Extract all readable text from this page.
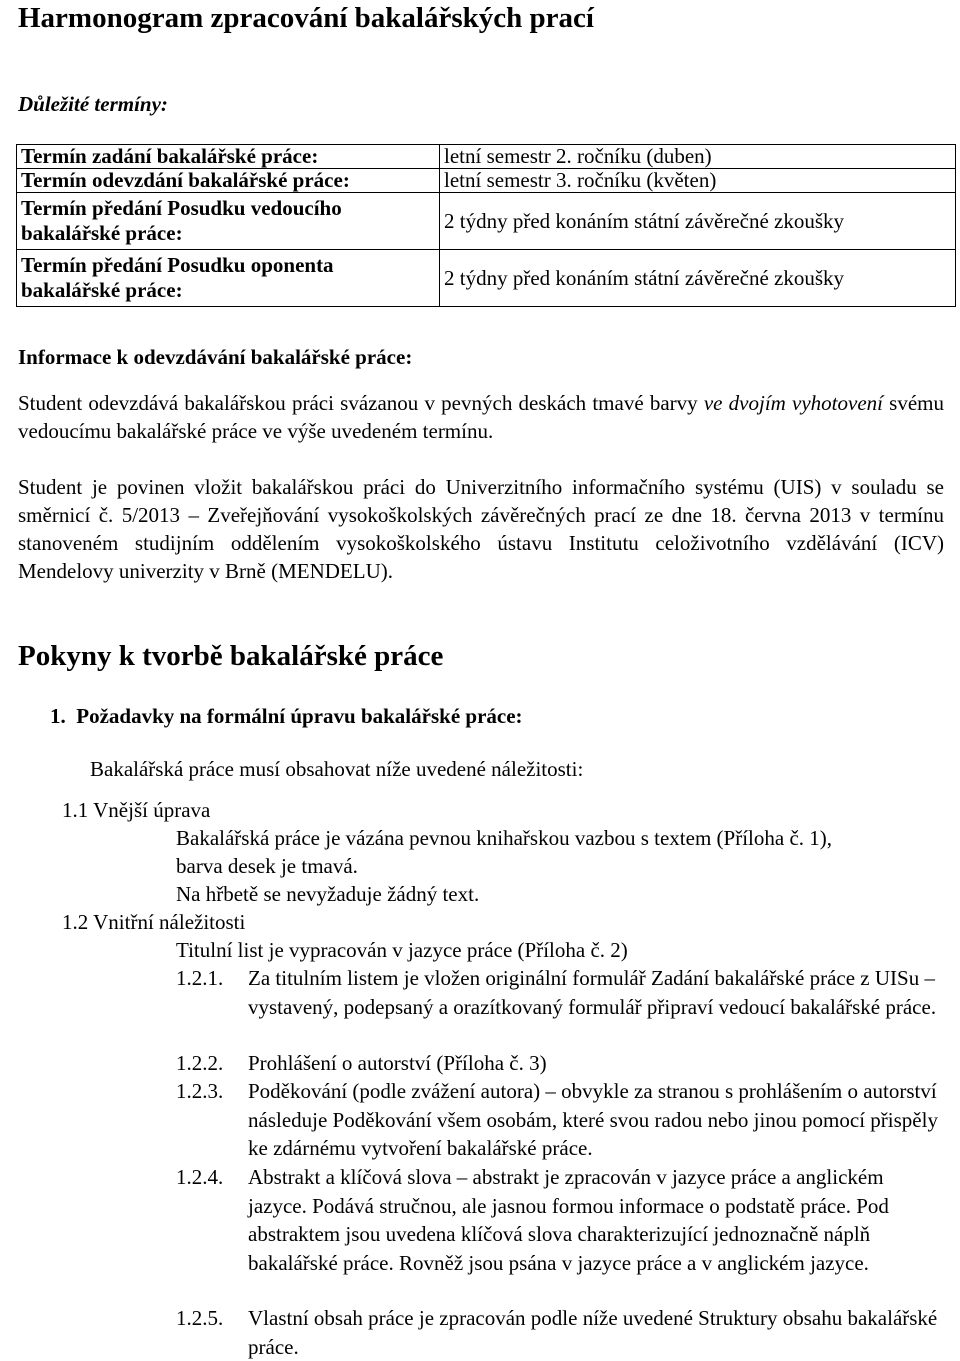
Harmonogram zpracování bakalářských prací
Důležité termíny:
Termín zadání bakalářské práce:	letní semestr 2. ročníku (duben)
Termín odevzdání bakalářské práce:	letní semestr 3. ročníku (květen)
Termín předání Posudku vedoucího bakalářské práce:	2 týdny před konáním státní závěrečné zkoušky
Termín předání Posudku oponenta bakalářské práce:	2 týdny před konáním státní závěrečné zkoušky
Informace k odevzdávání bakalářské práce:

Student odevzdává bakalářskou práci svázanou v pevných deskách tmavé barvy ve dvojím vyhotovení svému vedoucímu bakalářské práce ve výše uvedeném termínu.

Student je povinen vložit bakalářskou práci do Univerzitního informačního systému (UIS) v souladu se směrnicí č. 5/2013 – Zveřejňování vysokoškolských závěrečných prací ze dne 18. června 2013 v termínu stanoveném studijním oddělením vysokoškolského ústavu Institutu celoživotního vzdělávání (ICV) Mendelovy univerzity v Brně (MENDELU).

Pokyny k tvorbě bakalářské práce
1. Požadavky na formální úpravu bakalářské práce:
Bakalářská práce musí obsahovat níže uvedené náležitosti:
1.1 Vnější úprava
Bakalářská práce je vázána pevnou knihařskou vazbou s textem (Příloha č. 1),
barva desek je tmavá.
Na hřbetě se nevyžaduje žádný text.
1.2 Vnitřní náležitosti
Titulní list je vypracován v jazyce práce (Příloha č. 2)
1.2.1. Za titulním listem je vložen originální formulář Zadání bakalářské práce z UISu – vystavený, podepsaný a orazítkovaný formulář připraví vedoucí bakalářské práce.
1.2.2. Prohlášení o autorství (Příloha č. 3)
1.2.3. Poděkování (podle zvážení autora) – obvykle za stranou s prohlášením o autorství následuje Poděkování všem osobám, které svou radou nebo jinou pomocí přispěly ke zdárnému vytvoření bakalářské práce.
1.2.4. Abstrakt a klíčová slova – abstrakt je zpracován v jazyce práce a anglickém jazyce. Podává stručnou, ale jasnou formou informace o podstatě práce. Pod abstraktem jsou uvedena klíčová slova charakterizující jednoznačně náplň bakalářské práce. Rovněž jsou psána v jazyce práce a v anglickém jazyce.
1.2.5. Vlastní obsah práce je zpracován podle níže uvedené Struktury obsahu bakalářské práce.
